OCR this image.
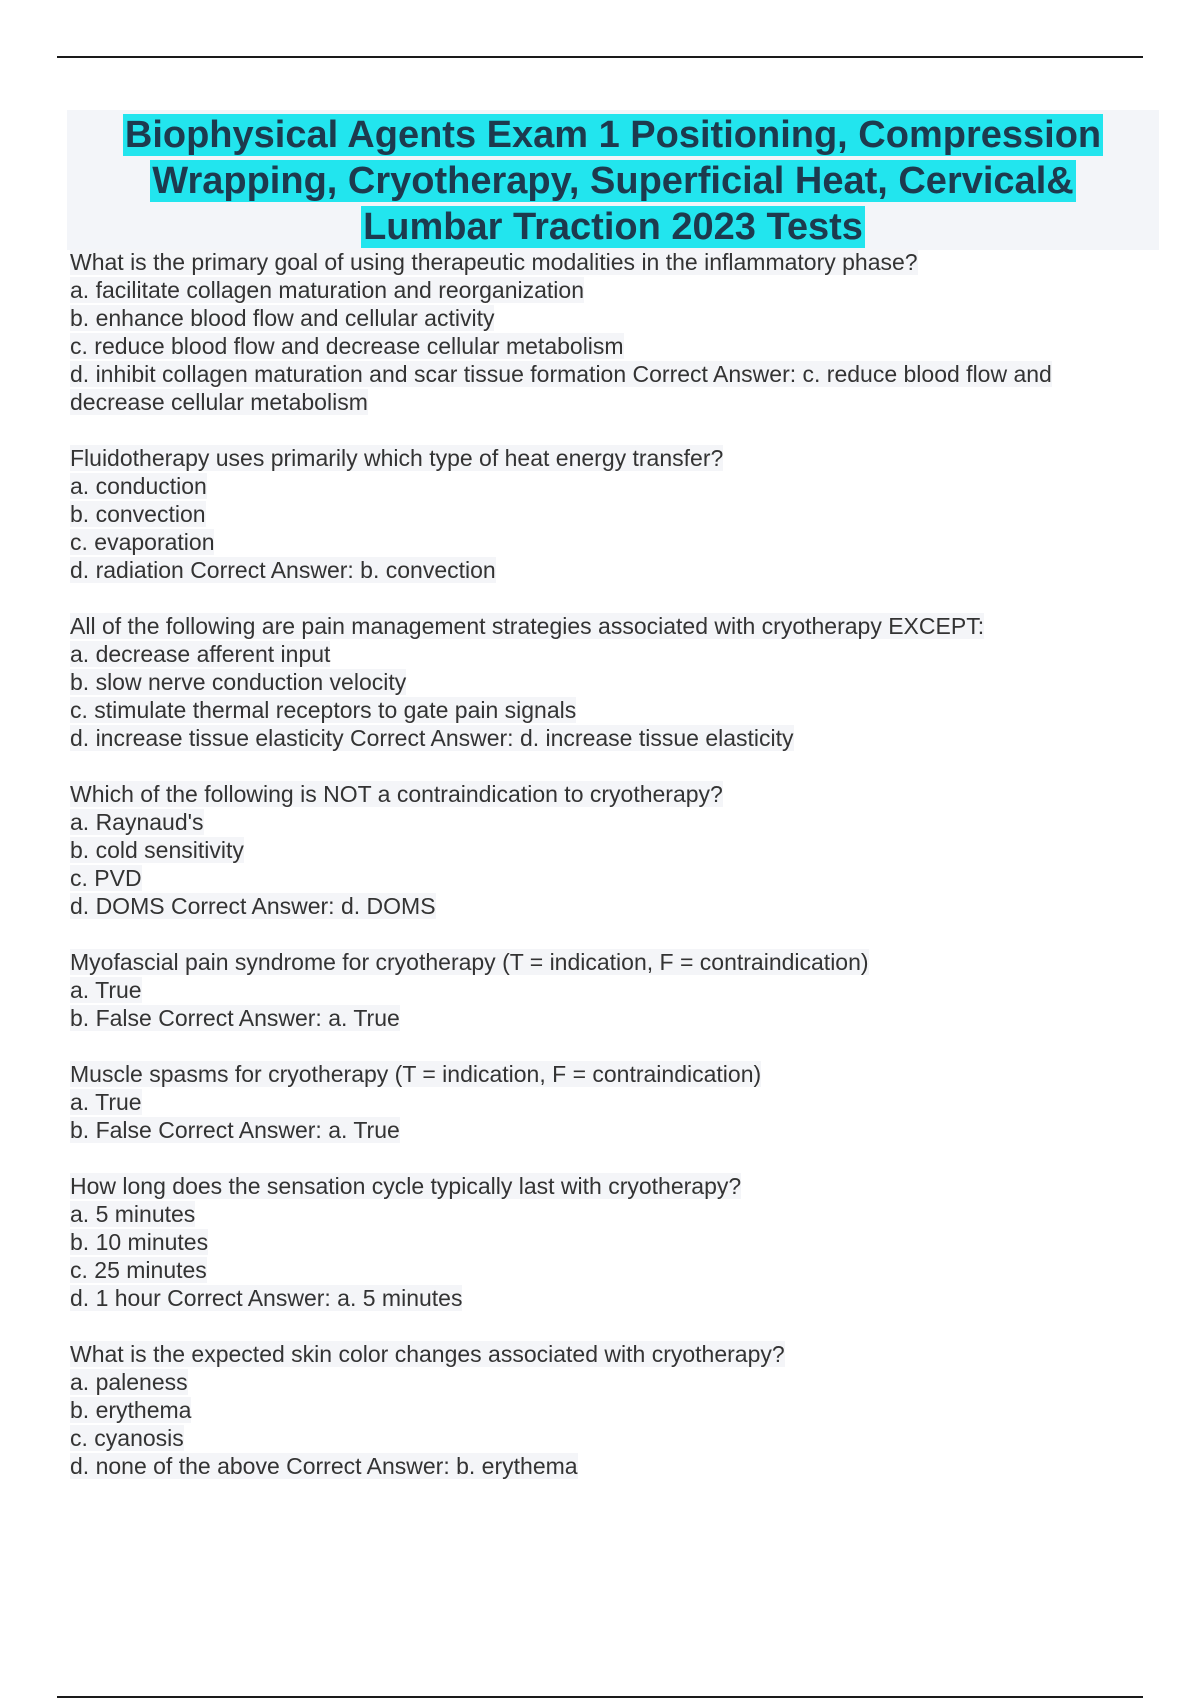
Biophysical Agents Exam 1 Positioning, Compression
Wrapping, Cryotherapy, Superficial Heat, Cervical&
Lumbar Traction 2023 Tests
What is the primary goal of using therapeutic modalities in the inflammatory phase?
a. facilitate collagen maturation and reorganization
b. enhance blood flow and cellular activity
c. reduce blood flow and decrease cellular metabolism
d. inhibit collagen maturation and scar tissue formation Correct Answer: c. reduce blood flow and
decrease cellular metabolism
Fluidotherapy uses primarily which type of heat energy transfer?
a. conduction
b. convection
c. evaporation
d. radiation Correct Answer: b. convection
All of the following are pain management strategies associated with cryotherapy EXCEPT:
a. decrease afferent input
b. slow nerve conduction velocity
c. stimulate thermal receptors to gate pain signals
d. increase tissue elasticity Correct Answer: d. increase tissue elasticity
Which of the following is NOT a contraindication to cryotherapy?
a. Raynaud's
b. cold sensitivity
c. PVD
d. DOMS Correct Answer: d. DOMS
Myofascial pain syndrome for cryotherapy (T = indication, F = contraindication)
a. True
b. False Correct Answer: a. True
Muscle spasms for cryotherapy (T = indication, F = contraindication)
a. True
b. False Correct Answer: a. True
How long does the sensation cycle typically last with cryotherapy?
a. 5 minutes
b. 10 minutes
c. 25 minutes
d. 1 hour Correct Answer: a. 5 minutes
What is the expected skin color changes associated with cryotherapy?
a. paleness
b. erythema
c. cyanosis
d. none of the above Correct Answer: b. erythema
